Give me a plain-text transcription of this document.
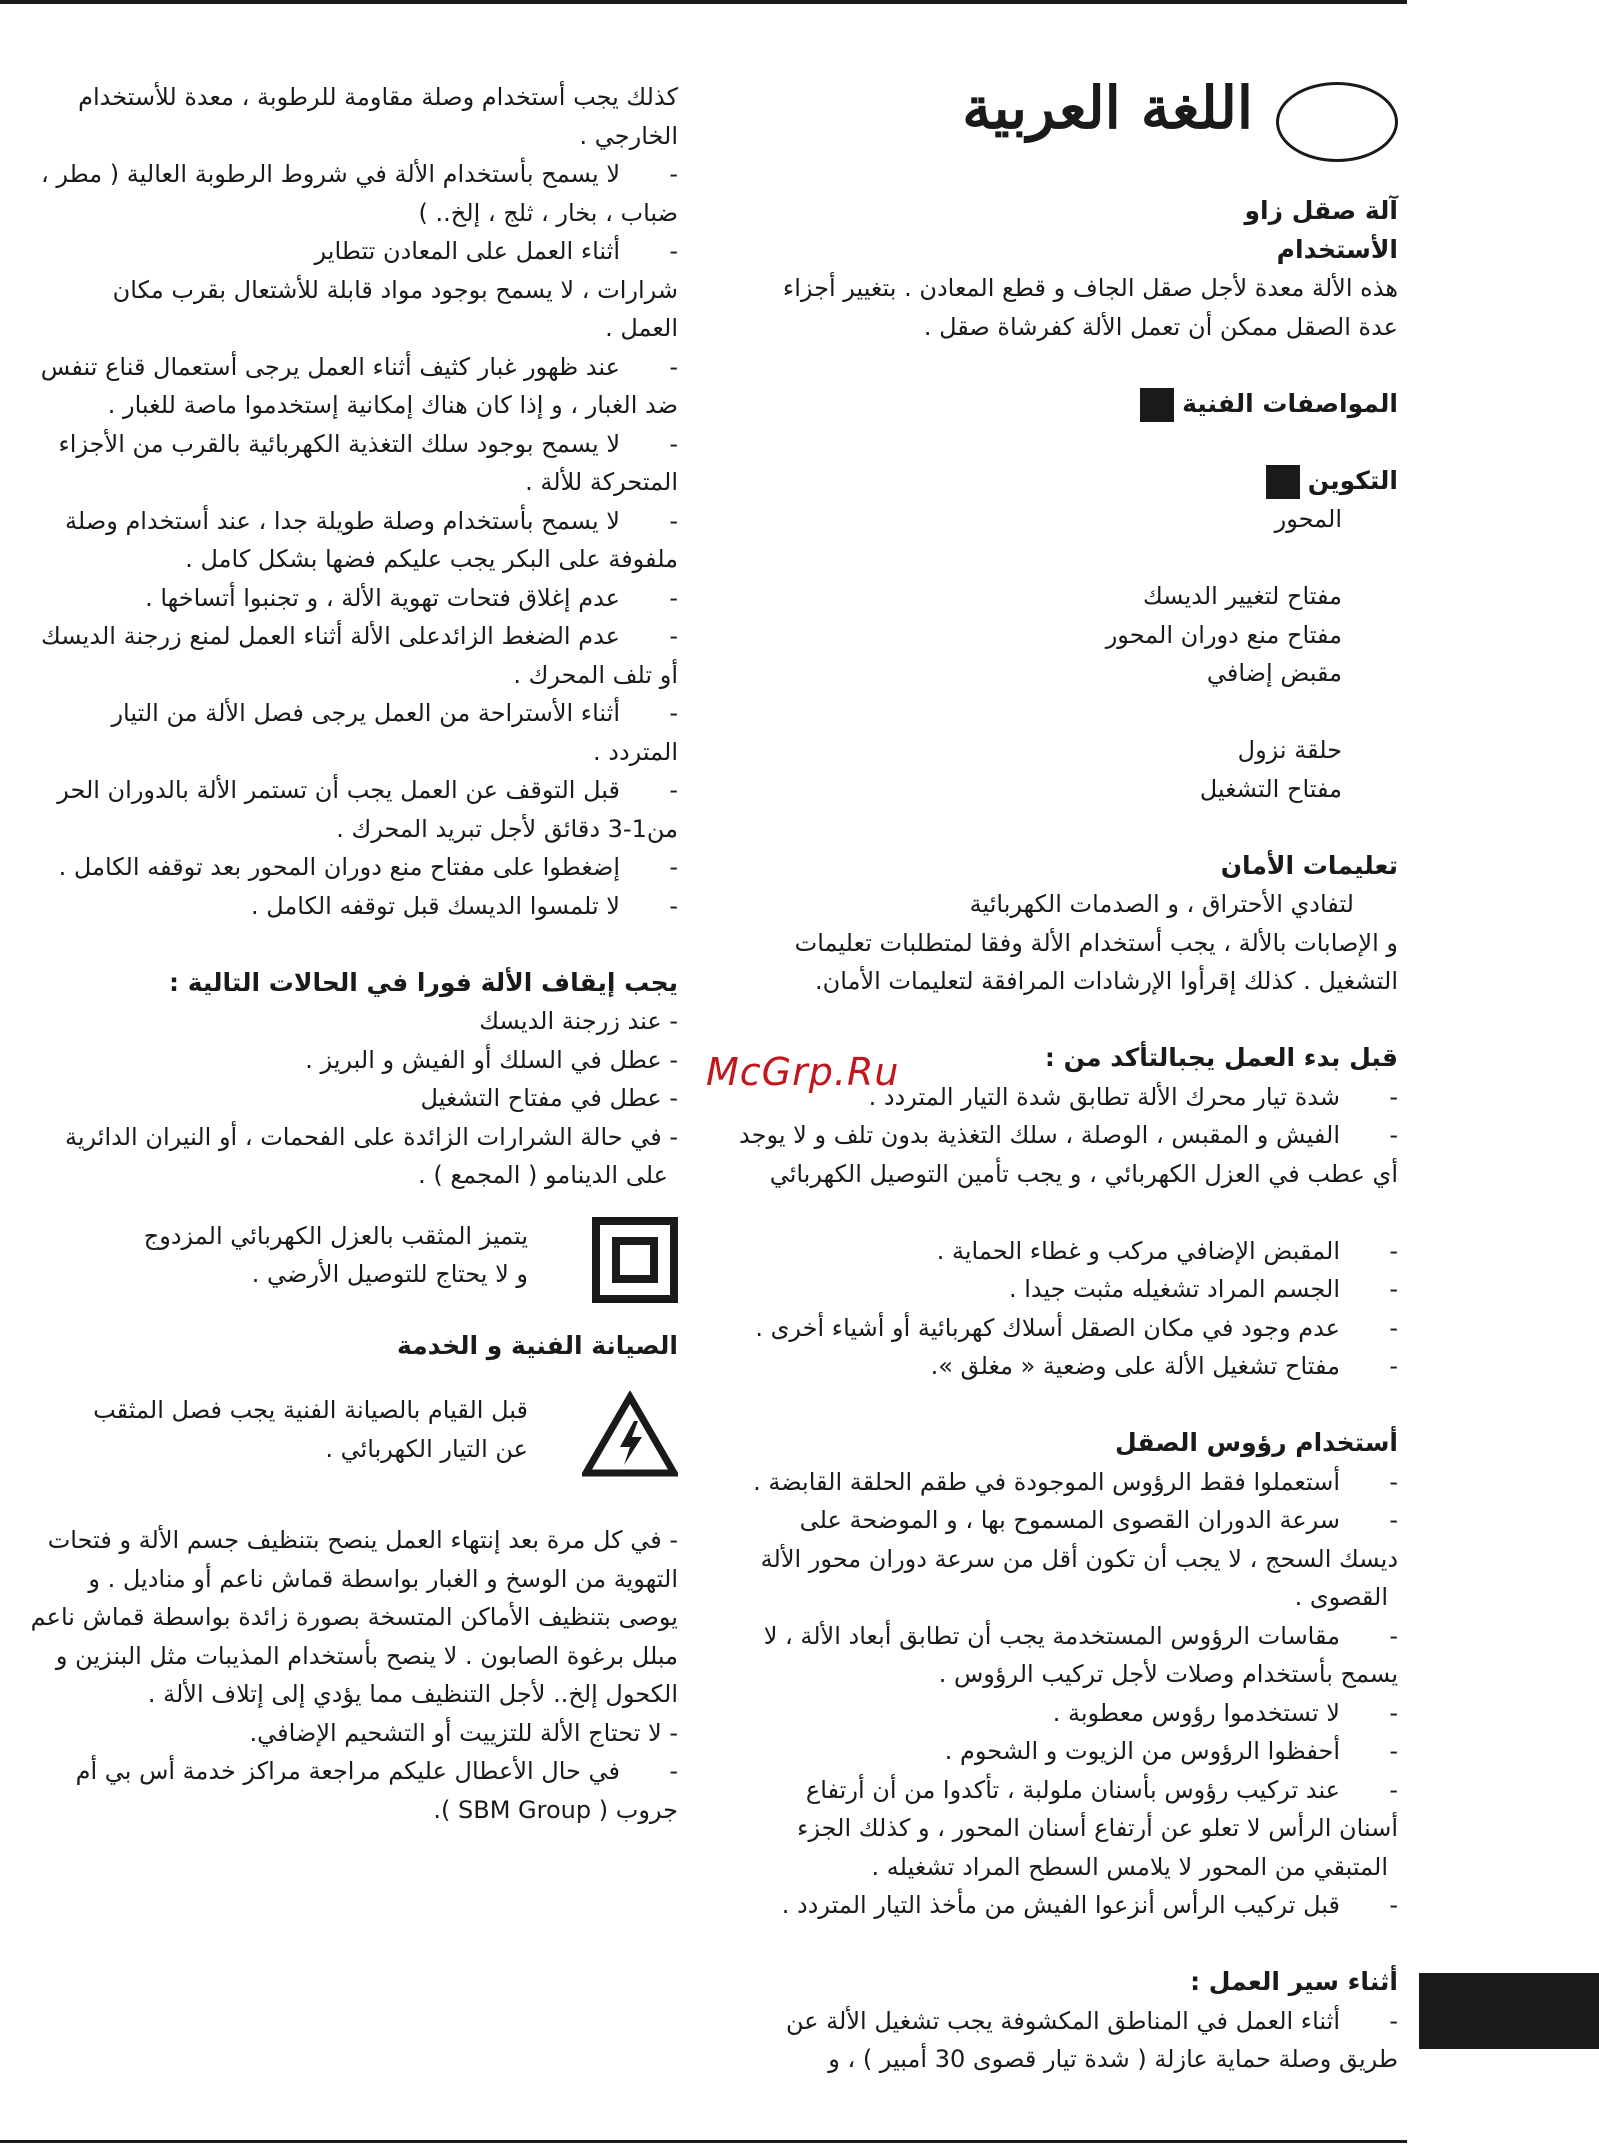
اللغة العربية

آلة صقل زاو

الأستخدام

هذه الألة معدة لأجل صقل الجاف و قطع المعادن . بتغيير أجزاء

عدة الصقل ممكن أن تعمل الألة كفرشاة صقل .

المواصفات الفنية

التكوين

المحور

مفتاح لتغيير الديسك

مفتاح منع دوران المحور

مقبض إضافي

حلقة نزول

مفتاح التشغيل

تعليمات الأمان

لتفادي الأحتراق ، و الصدمات الكهربائية

و الإصابات بالألة ، يجب أستخدام الألة وفقا لمتطلبات تعليمات

التشغيل . كذلك إقرأوا الإرشادات المرافقة لتعليمات الأمان.

قبل بدء العمل يجبالتأكد من :

-
شدة تيار محرك الألة تطابق شدة التيار المتردد .

-
الفيش و المقبس ، الوصلة ، سلك التغذية بدون تلف و لا يوجد

أي عطب في العزل الكهربائي ، و يجب تأمين التوصيل الكهربائي

-
المقبض الإضافي مركب و غطاء الحماية .

-
الجسم المراد تشغيله مثبت جيدا .

-
عدم وجود في مكان الصقل أسلاك كهربائية أو أشياء أخرى .

-
مفتاح تشغيل الألة على وضعية « مغلق ».

أستخدام رؤوس الصقل

-
أستعملوا فقط الرؤوس الموجودة في طقم الحلقة القابضة .

-
سرعة الدوران القصوى المسموح بها ، و الموضحة على

ديسك السحج ، لا يجب أن تكون أقل من سرعة دوران محور الألة

القصوى .

-
مقاسات الرؤوس المستخدمة يجب أن تطابق أبعاد الألة ، لا

يسمح بأستخدام وصلات لأجل تركيب الرؤوس .

-
لا تستخدموا رؤوس معطوبة .

-
أحفظوا الرؤوس من الزيوت و الشحوم .

-
عند تركيب رؤوس بأسنان ملولبة ، تأكدوا من أن أرتفاع

أسنان الرأس لا تعلو عن أرتفاع أسنان المحور ، و كذلك الجزء

المتبقي من المحور لا يلامس السطح المراد تشغيله .

-
قبل تركيب الرأس أنزعوا الفيش من مأخذ التيار المتردد .

أثناء سير العمل :

-
أثناء العمل في المناطق المكشوفة يجب تشغيل الألة عن

طريق وصلة حماية عازلة ( شدة تيار قصوى 30 أمبير ) ، و

كذلك يجب أستخدام وصلة مقاومة للرطوبة ، معدة للأستخدام

الخارجي .

-
لا يسمح بأستخدام الألة في شروط الرطوبة العالية ( مطر ،

ضباب ، بخار ، ثلج ، إلخ.. )

-
أثناء العمل على المعادن تتطاير

شرارات ، لا يسمح بوجود مواد قابلة للأشتعال بقرب مكان

العمل .

-
عند ظهور غبار كثيف أثناء العمل يرجى أستعمال قناع تنفس

ضد الغبار ، و إذا كان هناك إمكانية إستخدموا ماصة للغبار .

-
لا يسمح بوجود سلك التغذية الكهربائية بالقرب من الأجزاء

المتحركة للألة .

-
لا يسمح بأستخدام وصلة طويلة جدا ، عند أستخدام وصلة

ملفوفة على البكر يجب عليكم فضها بشكل كامل .

-
عدم إغلاق فتحات تهوية الألة ، و تجنبوا أتساخها .

-
عدم الضغط الزائدعلى الألة أثناء العمل لمنع زرجنة الديسك

أو تلف المحرك .

-
أثناء الأستراحة من العمل يرجى فصل الألة من التيار

المتردد .

-
قبل التوقف عن العمل يجب أن تستمر الألة بالدوران الحر

من1-3 دقائق لأجل تبريد المحرك .

-
إضغطوا على مفتاح منع دوران المحور بعد توقفه الكامل .

-
لا تلمسوا الديسك قبل توقفه الكامل .

يجب إيقاف الألة فورا في الحالات التالية :

- عند زرجنة الديسك

- عطل في السلك أو الفيش و البريز .

- عطل في مفتاح التشغيل

- في حالة الشرارات الزائدة على الفحمات ، أو النيران الدائرية

على الدينامو ( المجمع ) .

يتميز المثقب بالعزل الكهربائي المزدوج

و لا يحتاج للتوصيل الأرضي .

الصيانة الفنية و الخدمة

قبل القيام بالصيانة الفنية يجب فصل المثقب

عن التيار الكهربائي .

- في كل مرة بعد إنتهاء العمل ينصح بتنظيف جسم الألة و فتحات

التهوية من الوسخ و الغبار بواسطة قماش ناعم أو مناديل . و

يوصى بتنظيف الأماكن المتسخة بصورة زائدة بواسطة قماش ناعم

مبلل برغوة الصابون . لا ينصح بأستخدام المذيبات مثل البنزين و

الكحول إلخ.. لأجل التنظيف مما يؤدي إلى إتلاف الألة .

- لا تحتاج الألة للتزييت أو التشحيم الإضافي.

-
في حال الأعطال عليكم مراجعة مراكز خدمة أس بي أم

جروب ( SBM Group ).

McGrp.Ru
